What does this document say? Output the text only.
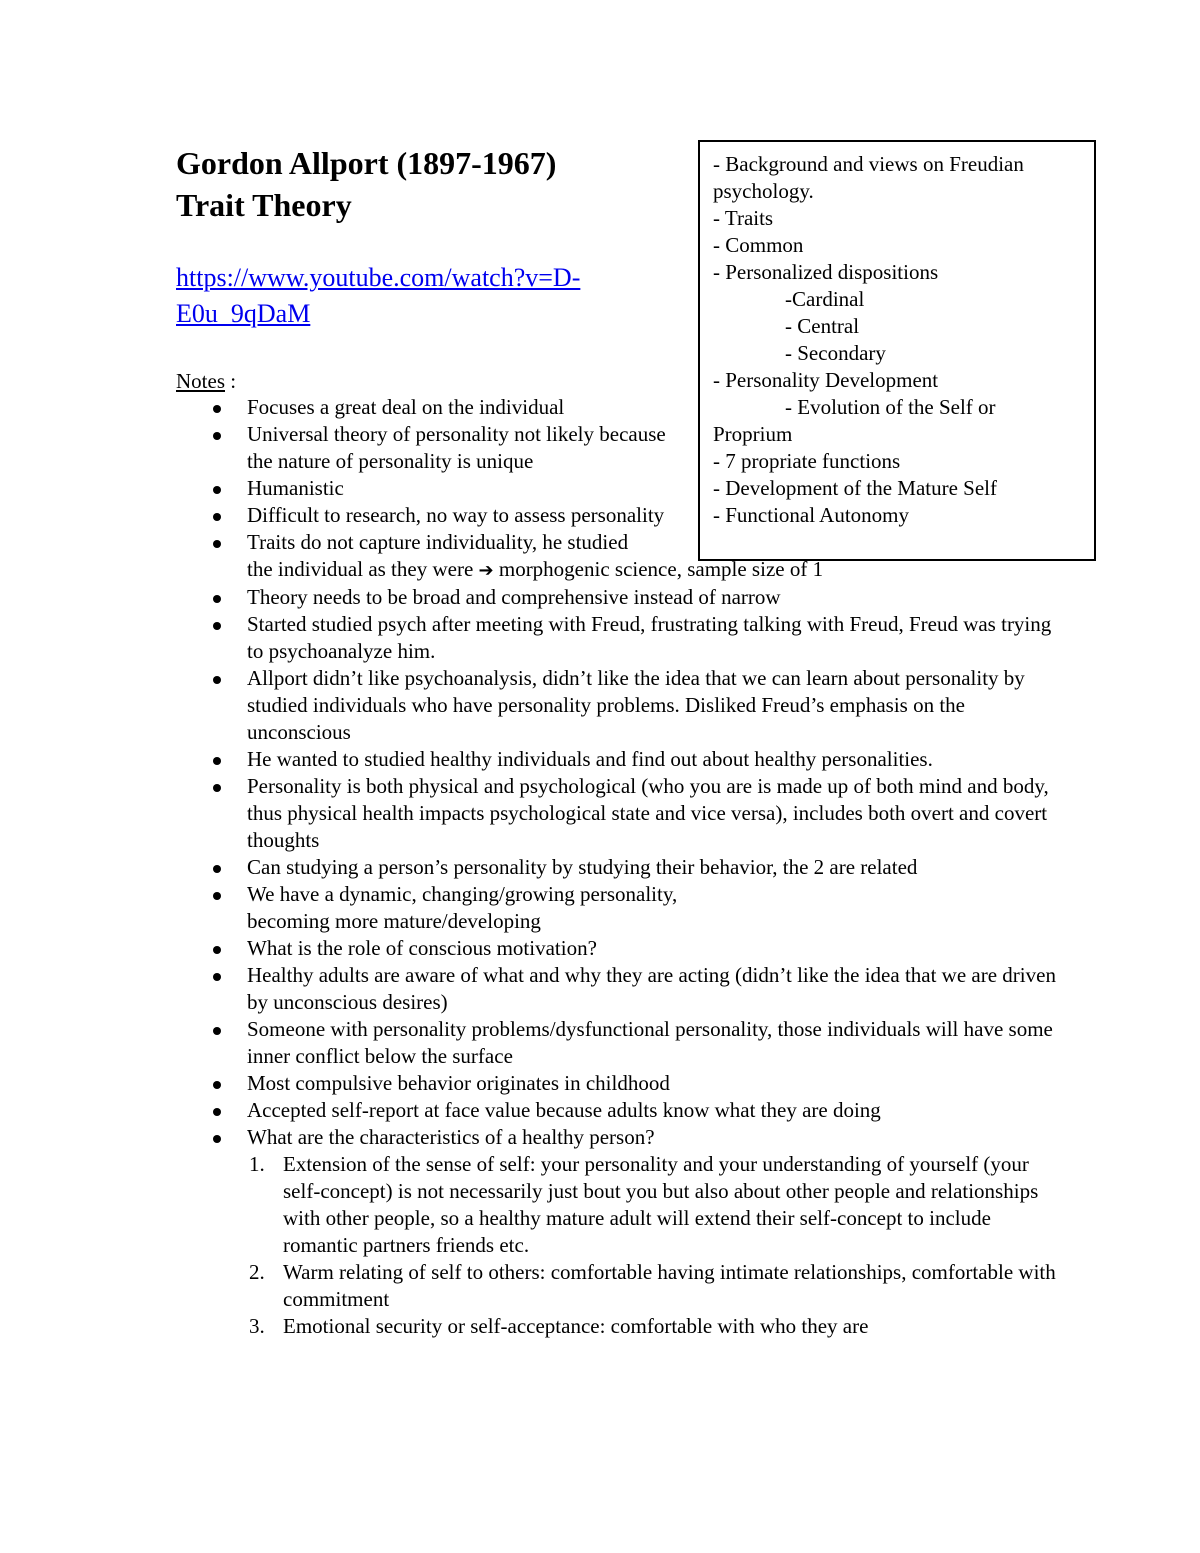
Gordon Allport (1897-1967)
Trait Theory
https://www.youtube.com/watch?v=D-E0u_9qDaM
Notes :
Focuses a great deal on the individual
Universal theory of personality not likely because the nature of personality is unique
Humanistic
Difficult to research, no way to assess personality
Traits do not capture individuality, he studied
the individual as they were ➔ morphogenic science, sample size of 1
Theory needs to be broad and comprehensive instead of narrow
Started studied psych after meeting with Freud, frustrating talking with Freud, Freud was trying to psychoanalyze him.
Allport didn’t like psychoanalysis, didn’t like the idea that we can learn about personality by studied individuals who have personality problems. Disliked Freud’s emphasis on the unconscious
He wanted to studied healthy individuals and find out about healthy personalities.
Personality is both physical and psychological (who you are is made up of both mind and body, thus physical health impacts psychological state and vice versa), includes both overt and covert thoughts
Can studying a person’s personality by studying their behavior, the 2 are related
We have a dynamic, changing/growing personality, becoming more mature/developing
What is the role of conscious motivation?
Healthy adults are aware of what and why they are acting (didn’t like the idea that we are driven by unconscious desires)
Someone with personality problems/dysfunctional personality, those individuals will have some inner conflict below the surface
Most compulsive behavior originates in childhood
Accepted self-report at face value because adults know what they are doing
What are the characteristics of a healthy person?
1. Extension of the sense of self: your personality and your understanding of yourself (your self-concept) is not necessarily just bout you but also about other people and relationships with other people, so a healthy mature adult will extend their self-concept to include romantic partners friends etc.
2. Warm relating of self to others: comfortable having intimate relationships, comfortable with commitment
3. Emotional security or self-acceptance: comfortable with who they are
- Background and views on Freudian
psychology.
- Traits
- Common
- Personalized dispositions
-Cardinal
- Central
- Secondary
- Personality Development
- Evolution of the Self or
Proprium
- 7 propriate functions
- Development of the Mature Self
- Functional Autonomy
